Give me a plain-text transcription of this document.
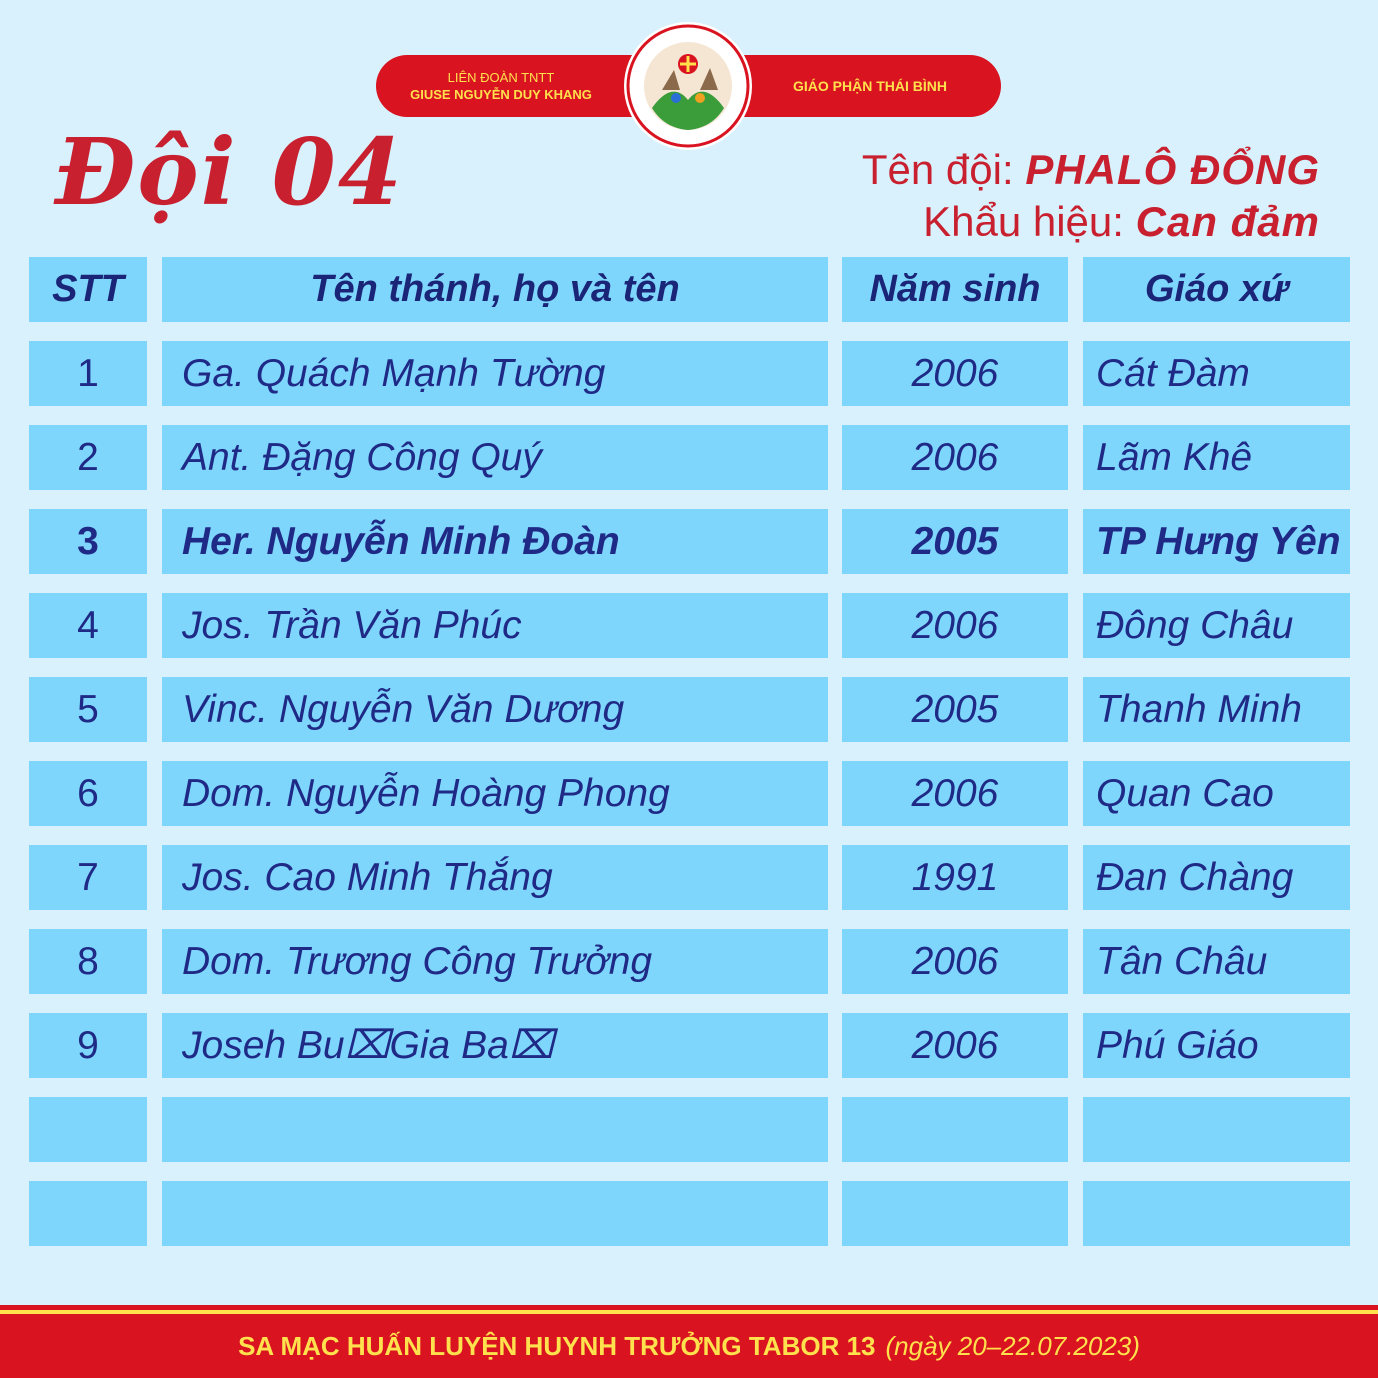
LIÊN ĐOÀN TNTT
GIUSE NGUYỄN DUY KHANG
GIÁO PHẬN THÁI BÌNH
Đội 04	Tên đội: PHALÔ ĐỔNG
Khẩu hiệu: Can đảm
STT	Tên thánh, họ và tên	Năm sinh	Giáo xứ
1	Ga. Quách Mạnh Tường	2006	Cát Đàm
2	Ant. Đặng Công Quý	2006	Lãm Khê
3	Her. Nguyễn Minh Đoàn	2005	TP Hưng Yên
4	Jos. Trần Văn Phúc	2006	Đông Châu
5	Vinc. Nguyễn Văn Dương	2005	Thanh Minh
6	Dom. Nguyễn Hoàng Phong	2006	Quan Cao
7	Jos. Cao Minh Thắng	1991	Đan Chàng
8	Dom. Trương Công Trưởng	2006	Tân Châu
9	Joseh Bu⌧Gia Ba⌧	2006	Phú Giáo
SA MẠC HUẤN LUYỆN HUYNH TRƯỞNG TABOR 13 (ngày 20–22.07.2023)
